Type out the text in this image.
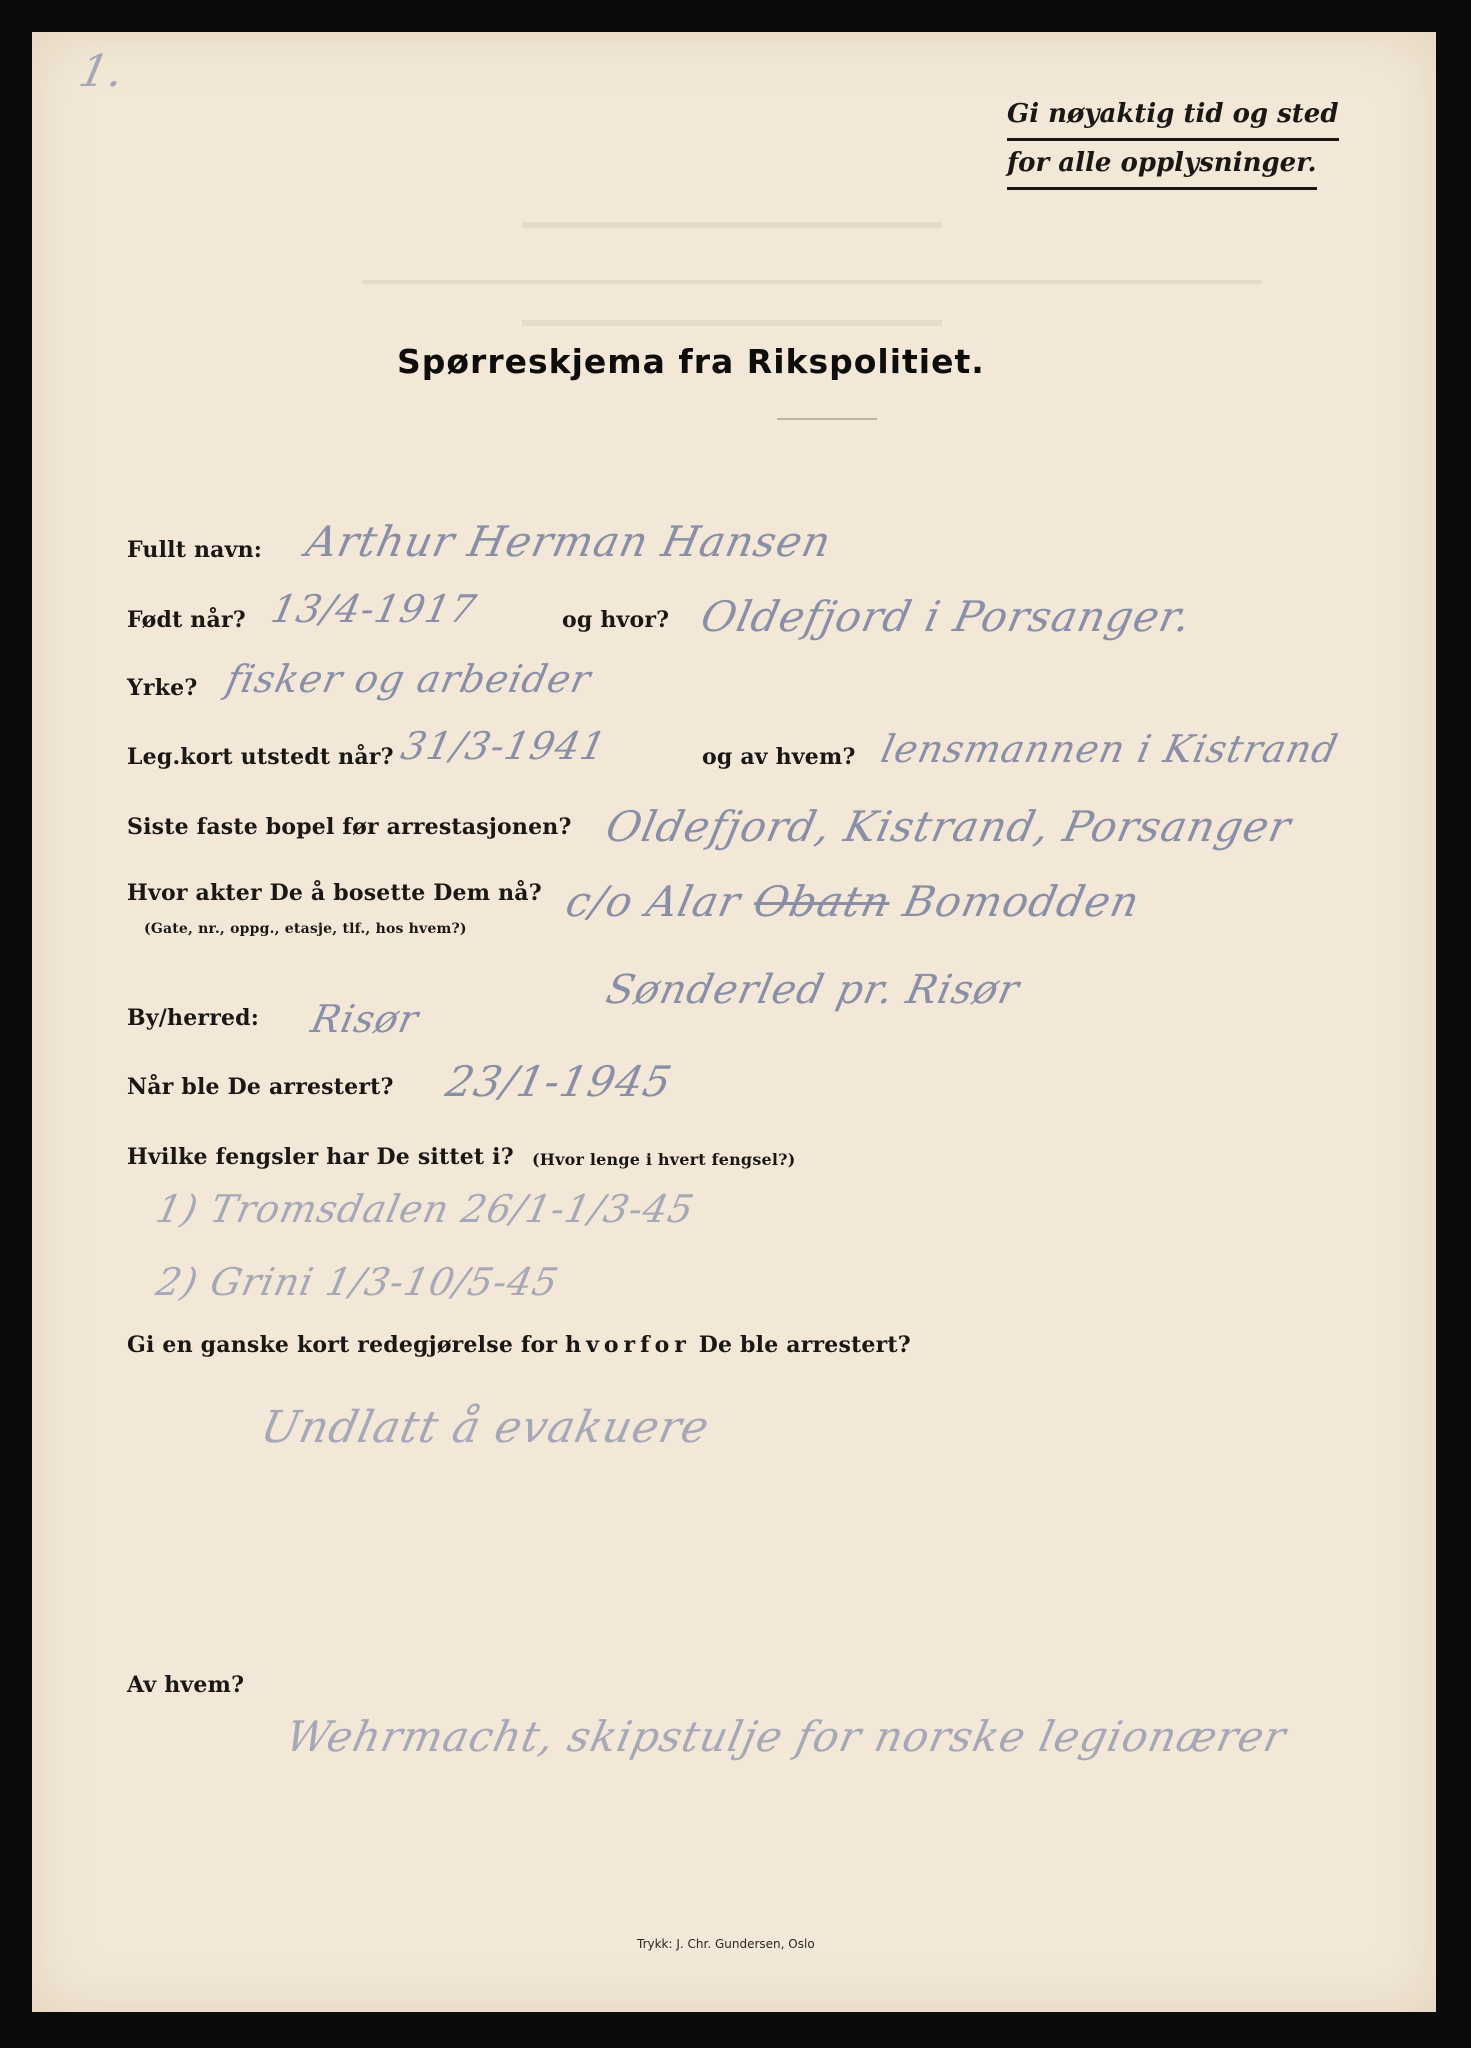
1.
Gi nøyaktig tid og sted
for alle opplysninger.
Spørreskjema fra Rikspolitiet.
Fullt navn: Arthur Herman Hansen
Født når? 13/4-1917	og hvor? Oldefjord i Porsanger.
Yrke? fisker og arbeider
Leg.kort utstedt når? 31/3-1941	og av hvem? lensmannen i Kistrand
Siste faste bopel før arrestasjonen? Oldefjord, Kistrand, Porsanger
Hvor akter De å bosette Dem nå?
(Gate, nr., oppg., etasje, tlf., hos hvem?)
c/o Alar Obatn Bomodden
Sønderled pr. Risør
By/herred: Risør
Når ble De arrestert? 23/1-1945
Hvilke fengsler har De sittet i? (Hvor lenge i hvert fengsel?)
1) Tromsdalen 26/1-1/3-45
2) Grini 1/3-10/5-45
Gi en ganske kort redegjørelse for hvorfor De ble arrestert?
Undlatt å evakuere
Av hvem?
Wehrmacht, skipstulje for norske legionærer
Trykk: J. Chr. Gundersen, Oslo
